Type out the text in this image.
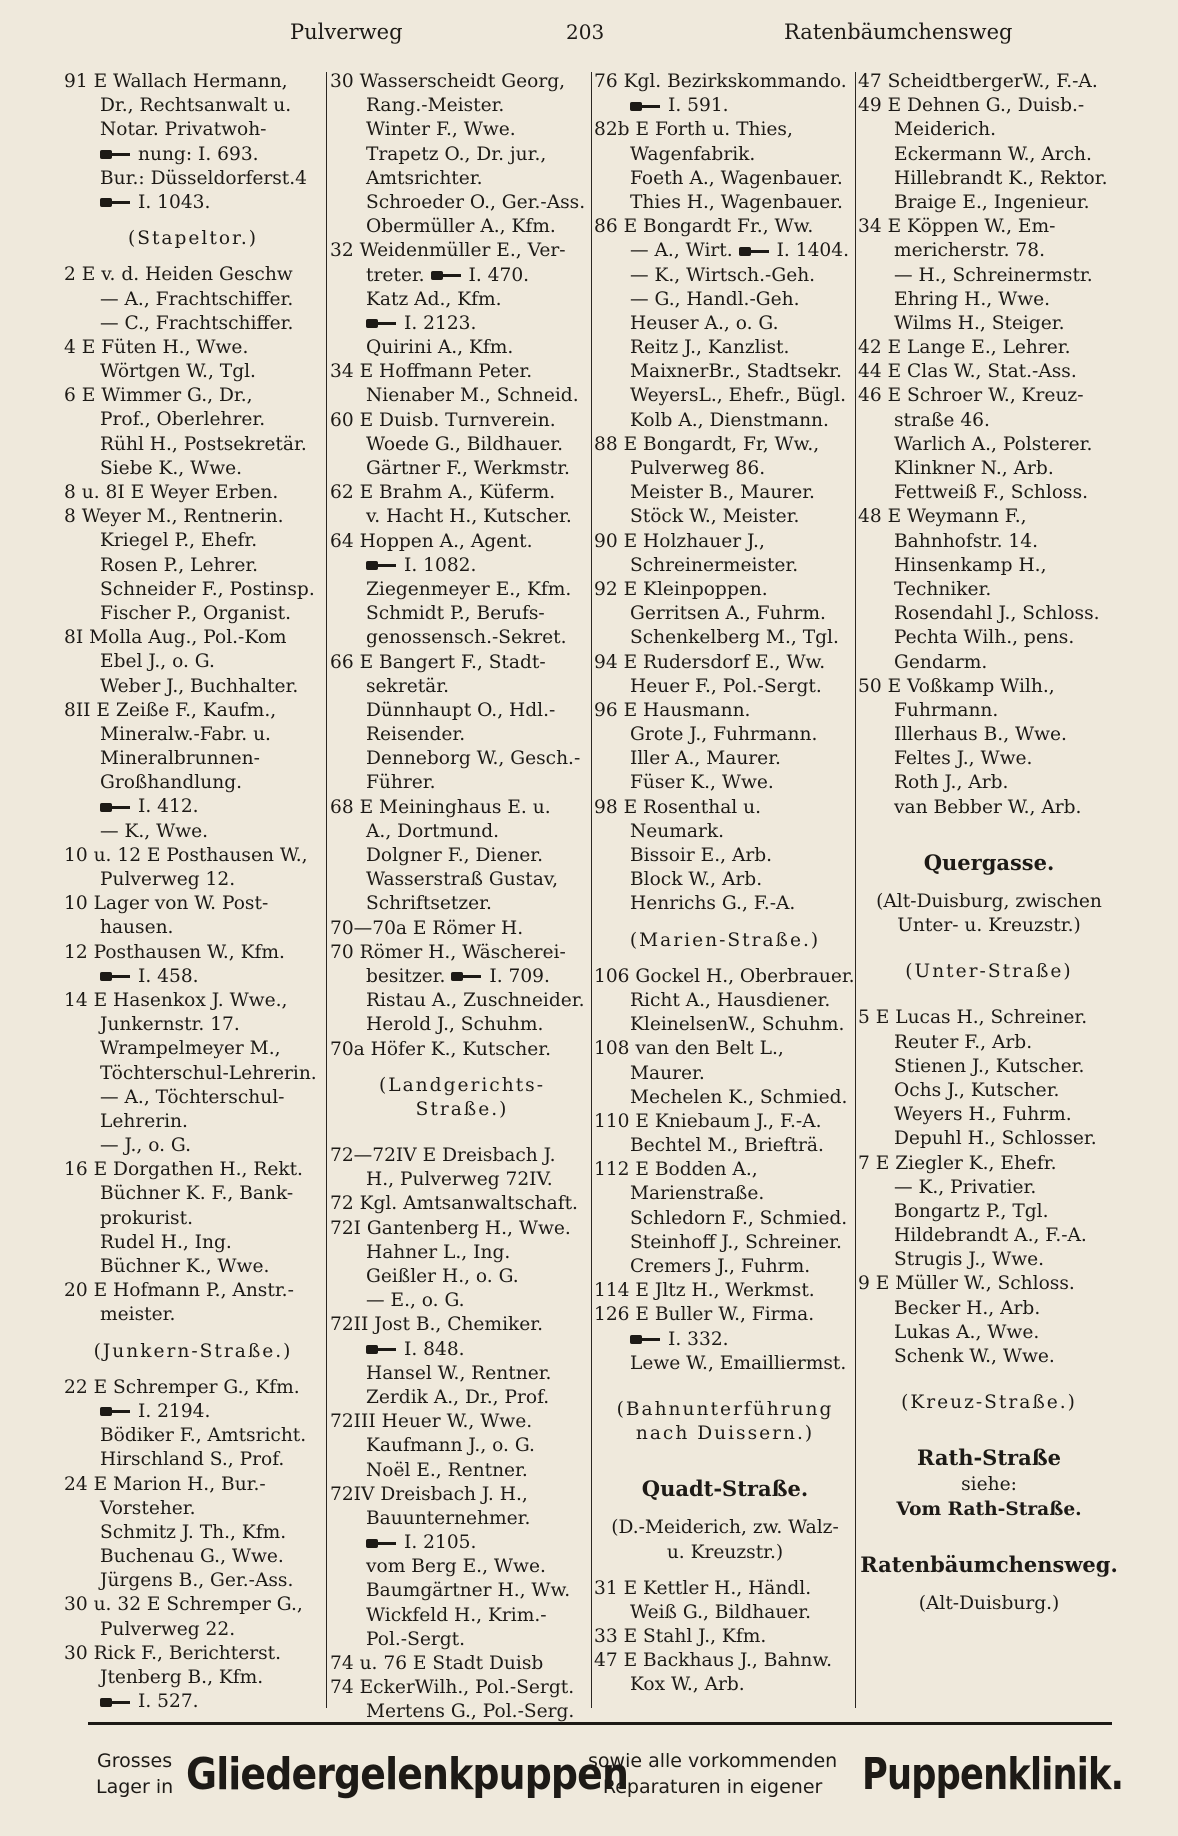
Pulverweg	203	Ratenbäumchensweg
91 E Wallach Hermann,
Dr., Rechtsanwalt u.
Notar. Privatwoh-
nung: I. 693.
Bur.: Düsseldorferst.4
I. 1043.
(Stapeltor.)
2 E v. d. Heiden Geschw
— A., Frachtschiffer.
— C., Frachtschiffer.
4 E Füten H., Wwe.
Wörtgen W., Tgl.
6 E Wimmer G., Dr.,
Prof., Oberlehrer.
Rühl H., Postsekretär.
Siebe K., Wwe.
8 u. 8I E Weyer Erben.
8 Weyer M., Rentnerin.
Kriegel P., Ehefr.
Rosen P., Lehrer.
Schneider F., Postinsp.
Fischer P., Organist.
8I Molla Aug., Pol.-Kom
Ebel J., o. G.
Weber J., Buchhalter.
8II E Zeiße F., Kaufm.,
Mineralw.-Fabr. u.
Mineralbrunnen-
Großhandlung.
I. 412.
— K., Wwe.
10 u. 12 E Posthausen W.,
Pulverweg 12.
10 Lager von W. Post-
hausen.
12 Posthausen W., Kfm.
I. 458.
14 E Hasenkox J. Wwe.,
Junkernstr. 17.
Wrampelmeyer M.,
Töchterschul-Lehrerin.
— A., Töchterschul-
Lehrerin.
— J., o. G.
16 E Dorgathen H., Rekt.
Büchner K. F., Bank-
prokurist.
Rudel H., Ing.
Büchner K., Wwe.
20 E Hofmann P., Anstr.-
meister.
(Junkern-Straße.)
22 E Schremper G., Kfm.
I. 2194.
Bödiker F., Amtsricht.
Hirschland S., Prof.
24 E Marion H., Bur.-
Vorsteher.
Schmitz J. Th., Kfm.
Buchenau G., Wwe.
Jürgens B., Ger.-Ass.
30 u. 32 E Schremper G.,
Pulverweg 22.
30 Rick F., Berichterst.
Jtenberg B., Kfm.
I. 527.
30 Wasserscheidt Georg,
Rang.-Meister.
Winter F., Wwe.
Trapetz O., Dr. jur.,
Amtsrichter.
Schroeder O., Ger.-Ass.
Obermüller A., Kfm.
32 Weidenmüller E., Ver-
treter. I. 470.
Katz Ad., Kfm.
I. 2123.
Quirini A., Kfm.
34 E Hoffmann Peter.
Nienaber M., Schneid.
60 E Duisb. Turnverein.
Woede G., Bildhauer.
Gärtner F., Werkmstr.
62 E Brahm A., Küferm.
v. Hacht H., Kutscher.
64 Hoppen A., Agent.
I. 1082.
Ziegenmeyer E., Kfm.
Schmidt P., Berufs-
genossensch.-Sekret.
66 E Bangert F., Stadt-
sekretär.
Dünnhaupt O., Hdl.-
Reisender.
Denneborg W., Gesch.-
Führer.
68 E Meininghaus E. u.
A., Dortmund.
Dolgner F., Diener.
Wasserstraß Gustav,
Schriftsetzer.
70—70a E Römer H.
70 Römer H., Wäscherei-
besitzer. I. 709.
Ristau A., Zuschneider.
Herold J., Schuhm.
70a Höfer K., Kutscher.
(Landgerichts-
Straße.)
72—72IV E Dreisbach J.
H., Pulverweg 72IV.
72 Kgl. Amtsanwaltschaft.
72I Gantenberg H., Wwe.
Hahner L., Ing.
Geißler H., o. G.
— E., o. G.
72II Jost B., Chemiker.
I. 848.
Hansel W., Rentner.
Zerdik A., Dr., Prof.
72III Heuer W., Wwe.
Kaufmann J., o. G.
Noël E., Rentner.
72IV Dreisbach J. H.,
Bauunternehmer.
I. 2105.
vom Berg E., Wwe.
Baumgärtner H., Ww.
Wickfeld H., Krim.-
Pol.-Sergt.
74 u. 76 E Stadt Duisb
74 EckerWilh., Pol.-Sergt.
Mertens G., Pol.-Serg.
76 Kgl. Bezirkskommando.
I. 591.
82b E Forth u. Thies,
Wagenfabrik.
Foeth A., Wagenbauer.
Thies H., Wagenbauer.
86 E Bongardt Fr., Ww.
— A., Wirt. I. 1404.
— K., Wirtsch.-Geh.
— G., Handl.-Geh.
Heuser A., o. G.
Reitz J., Kanzlist.
MaixnerBr., Stadtsekr.
WeyersL., Ehefr., Bügl.
Kolb A., Dienstmann.
88 E Bongardt, Fr, Ww.,
Pulverweg 86.
Meister B., Maurer.
Stöck W., Meister.
90 E Holzhauer J.,
Schreinermeister.
92 E Kleinpoppen.
Gerritsen A., Fuhrm.
Schenkelberg M., Tgl.
94 E Rudersdorf E., Ww.
Heuer F., Pol.-Sergt.
96 E Hausmann.
Grote J., Fuhrmann.
Iller A., Maurer.
Füser K., Wwe.
98 E Rosenthal u.
Neumark.
Bissoir E., Arb.
Block W., Arb.
Henrichs G., F.-A.
(Marien-Straße.)
106 Gockel H., Oberbrauer.
Richt A., Hausdiener.
KleinelsenW., Schuhm.
108 van den Belt L.,
Maurer.
Mechelen K., Schmied.
110 E Kniebaum J., F.-A.
Bechtel M., Briefträ.
112 E Bodden A.,
Marienstraße.
Schledorn F., Schmied.
Steinhoff J., Schreiner.
Cremers J., Fuhrm.
114 E Jltz H., Werkmst.
126 E Buller W., Firma.
I. 332.
Lewe W., Emailliermst.
(Bahnunterführung
nach Duissern.)
Quadt-Straße.
(D.-Meiderich, zw. Walz-
u. Kreuzstr.)
31 E Kettler H., Händl.
Weiß G., Bildhauer.
33 E Stahl J., Kfm.
47 E Backhaus J., Bahnw.
Kox W., Arb.
47 ScheidtbergerW., F.-A.
49 E Dehnen G., Duisb.-
Meiderich.
Eckermann W., Arch.
Hillebrandt K., Rektor.
Braige E., Ingenieur.
34 E Köppen W., Em-
mericherstr. 78.
— H., Schreinermstr.
Ehring H., Wwe.
Wilms H., Steiger.
42 E Lange E., Lehrer.
44 E Clas W., Stat.-Ass.
46 E Schroer W., Kreuz-
straße 46.
Warlich A., Polsterer.
Klinkner N., Arb.
Fettweiß F., Schloss.
48 E Weymann F.,
Bahnhofstr. 14.
Hinsenkamp H.,
Techniker.
Rosendahl J., Schloss.
Pechta Wilh., pens.
Gendarm.
50 E Voßkamp Wilh.,
Fuhrmann.
Illerhaus B., Wwe.
Feltes J., Wwe.
Roth J., Arb.
van Bebber W., Arb.
Quergasse.
(Alt-Duisburg, zwischen
Unter- u. Kreuzstr.)
(Unter-Straße)
5 E Lucas H., Schreiner.
Reuter F., Arb.
Stienen J., Kutscher.
Ochs J., Kutscher.
Weyers H., Fuhrm.
Depuhl H., Schlosser.
7 E Ziegler K., Ehefr.
— K., Privatier.
Bongartz P., Tgl.
Hildebrandt A., F.-A.
Strugis J., Wwe.
9 E Müller W., Schloss.
Becker H., Arb.
Lukas A., Wwe.
Schenk W., Wwe.
(Kreuz-Straße.)
Rath-Straße
siehe:
Vom Rath-Straße.
Ratenbäumchensweg.
(Alt-Duisburg.)
Grosses
Lager in Gliedergelenkpuppen
sowie alle vorkommenden
Reparaturen in eigener Puppenklinik.
